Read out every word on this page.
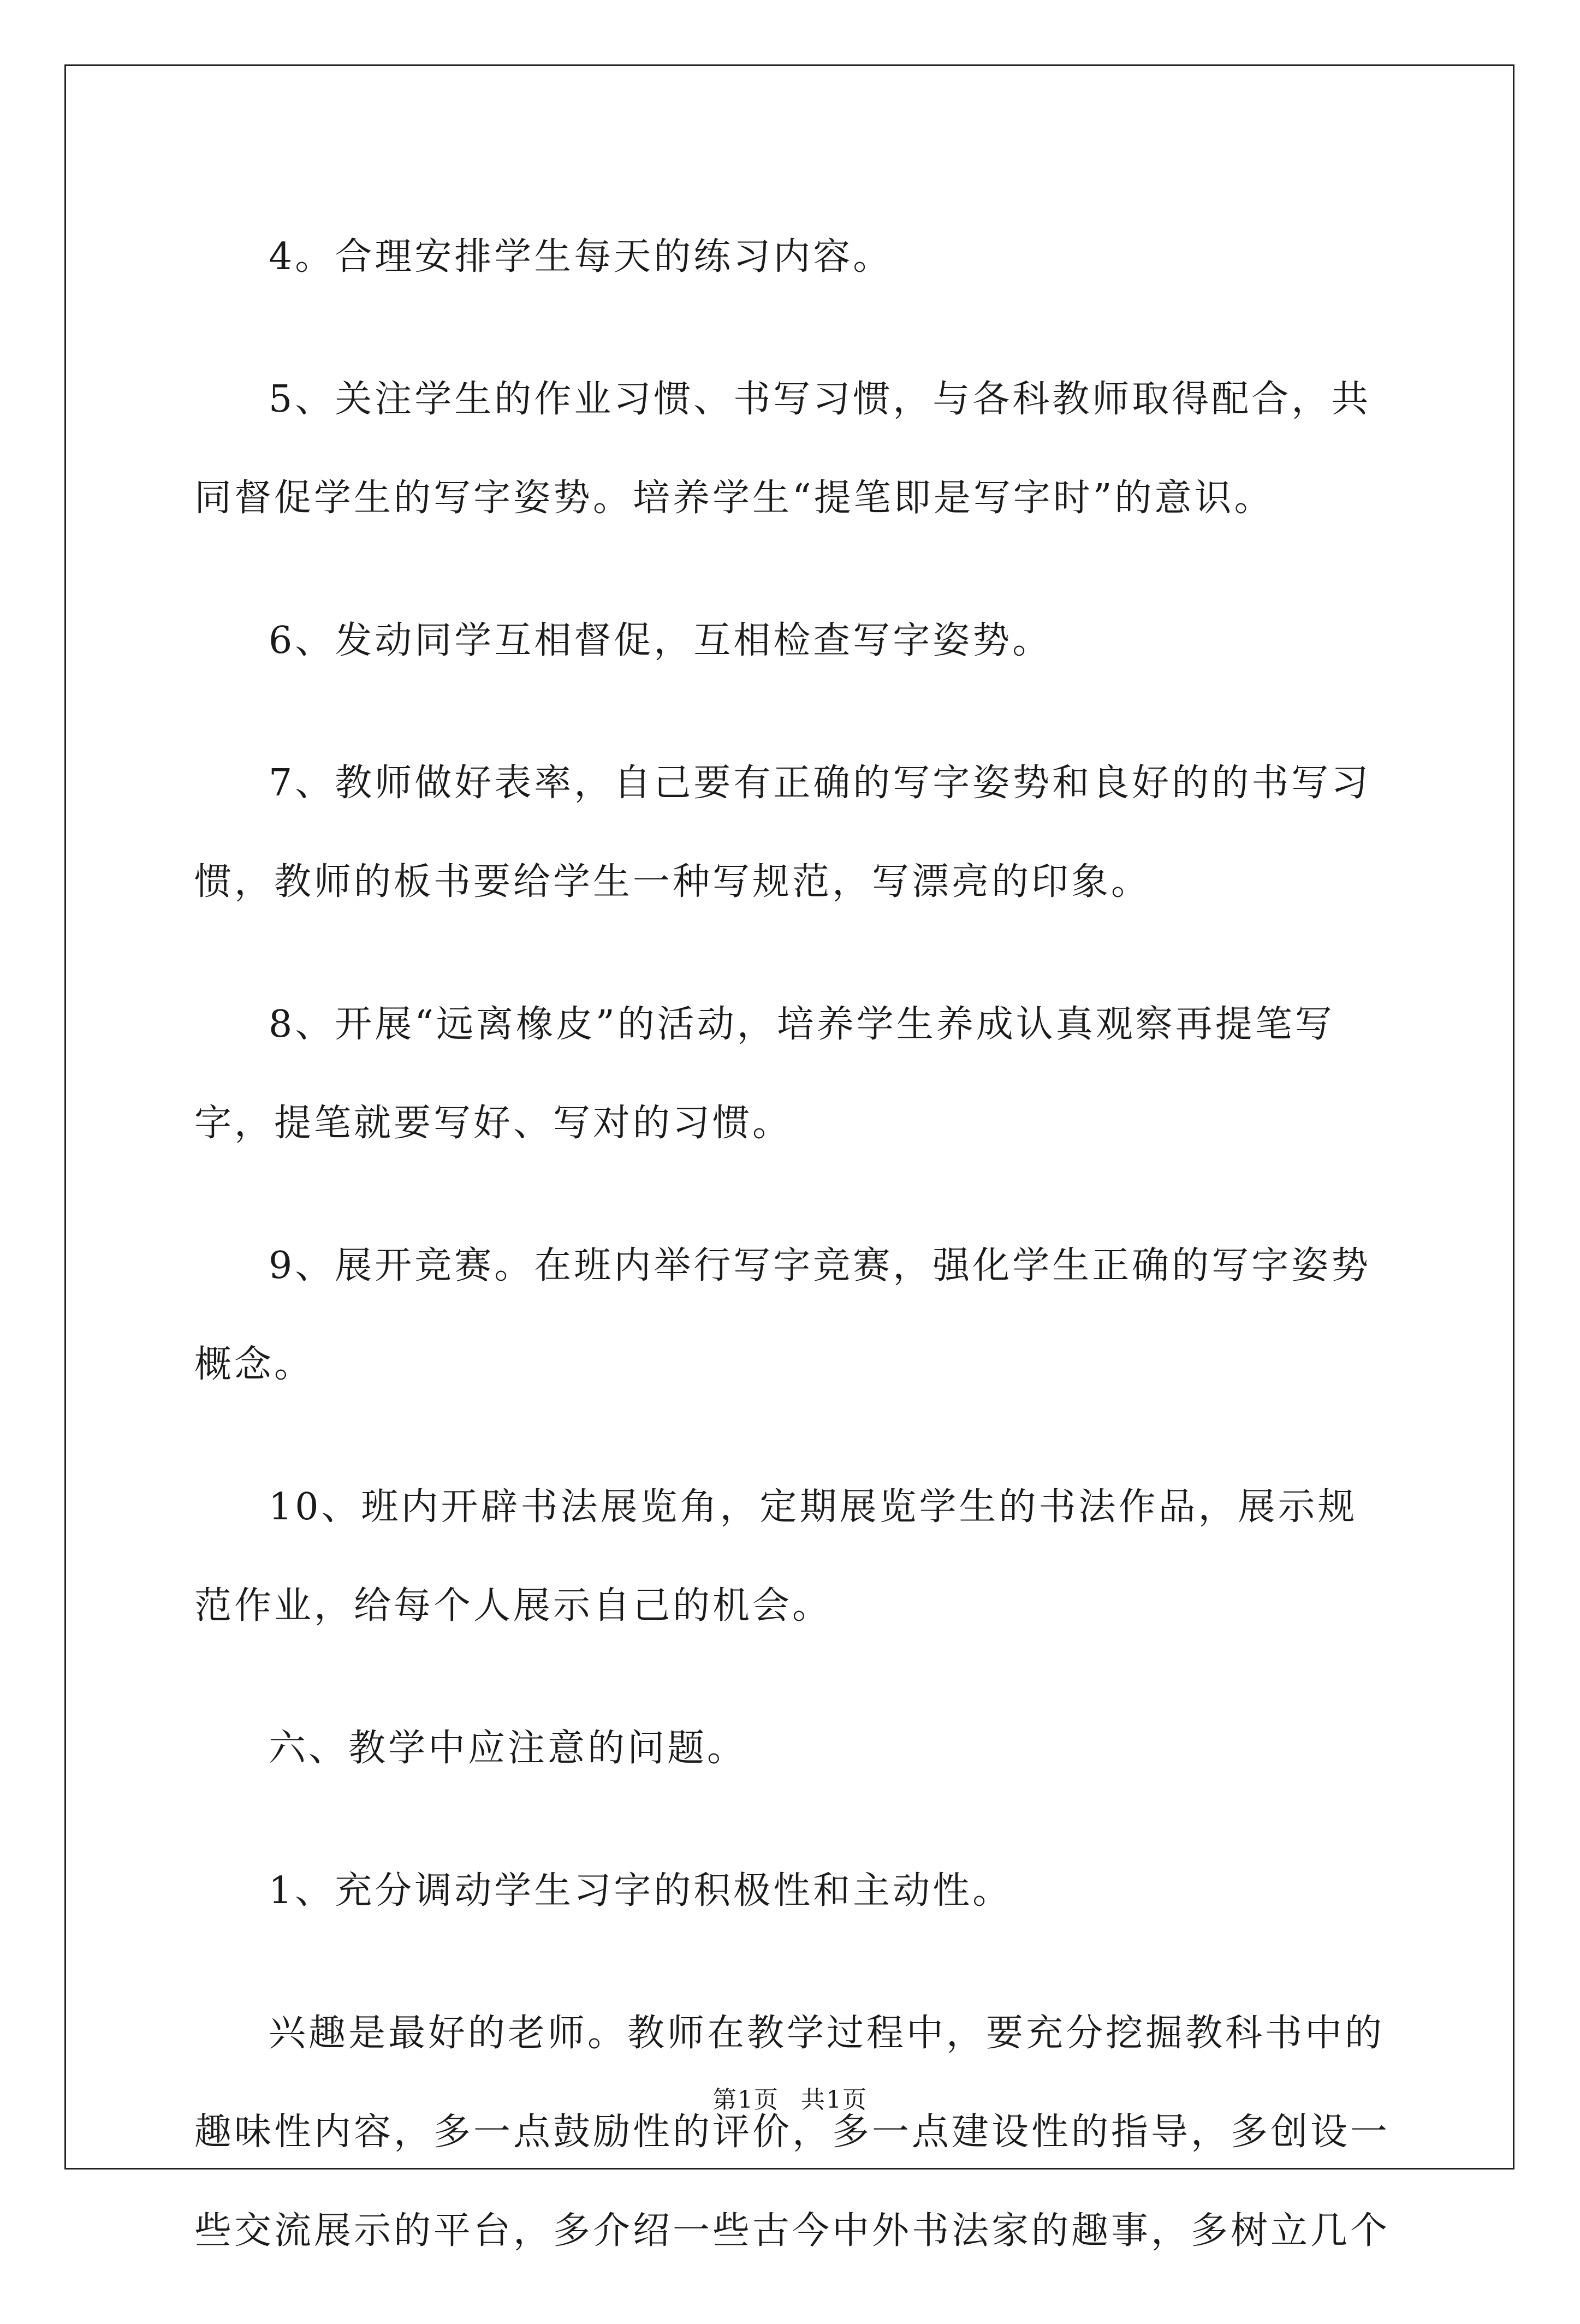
4。合理安排学生每天的练习内容。

5、关注学生的作业习惯、书写习惯，与各科教师取得配合，共同督促学生的写字姿势。培养学生“提笔即是写字时”的意识。

6、发动同学互相督促，互相检查写字姿势。

7、教师做好表率，自己要有正确的写字姿势和良好的的书写习惯，教师的板书要给学生一种写规范，写漂亮的印象。

8、开展“远离橡皮”的活动，培养学生养成认真观察再提笔写字，提笔就要写好、写对的习惯。

9、展开竞赛。在班内举行写字竞赛，强化学生正确的写字姿势概念。

10、班内开辟书法展览角，定期展览学生的书法作品，展示规范作业，给每个人展示自己的机会。

六、教学中应注意的问题。

1、充分调动学生习字的积极性和主动性。

兴趣是最好的老师。教师在教学过程中，要充分挖掘教科书中的趣味性内容，多一点鼓励性的评价，多一点建设性的指导，多创设一些交流展示的平台，多介绍一些古今中外书法家的趣事，多树立几个

第1页 共1页
